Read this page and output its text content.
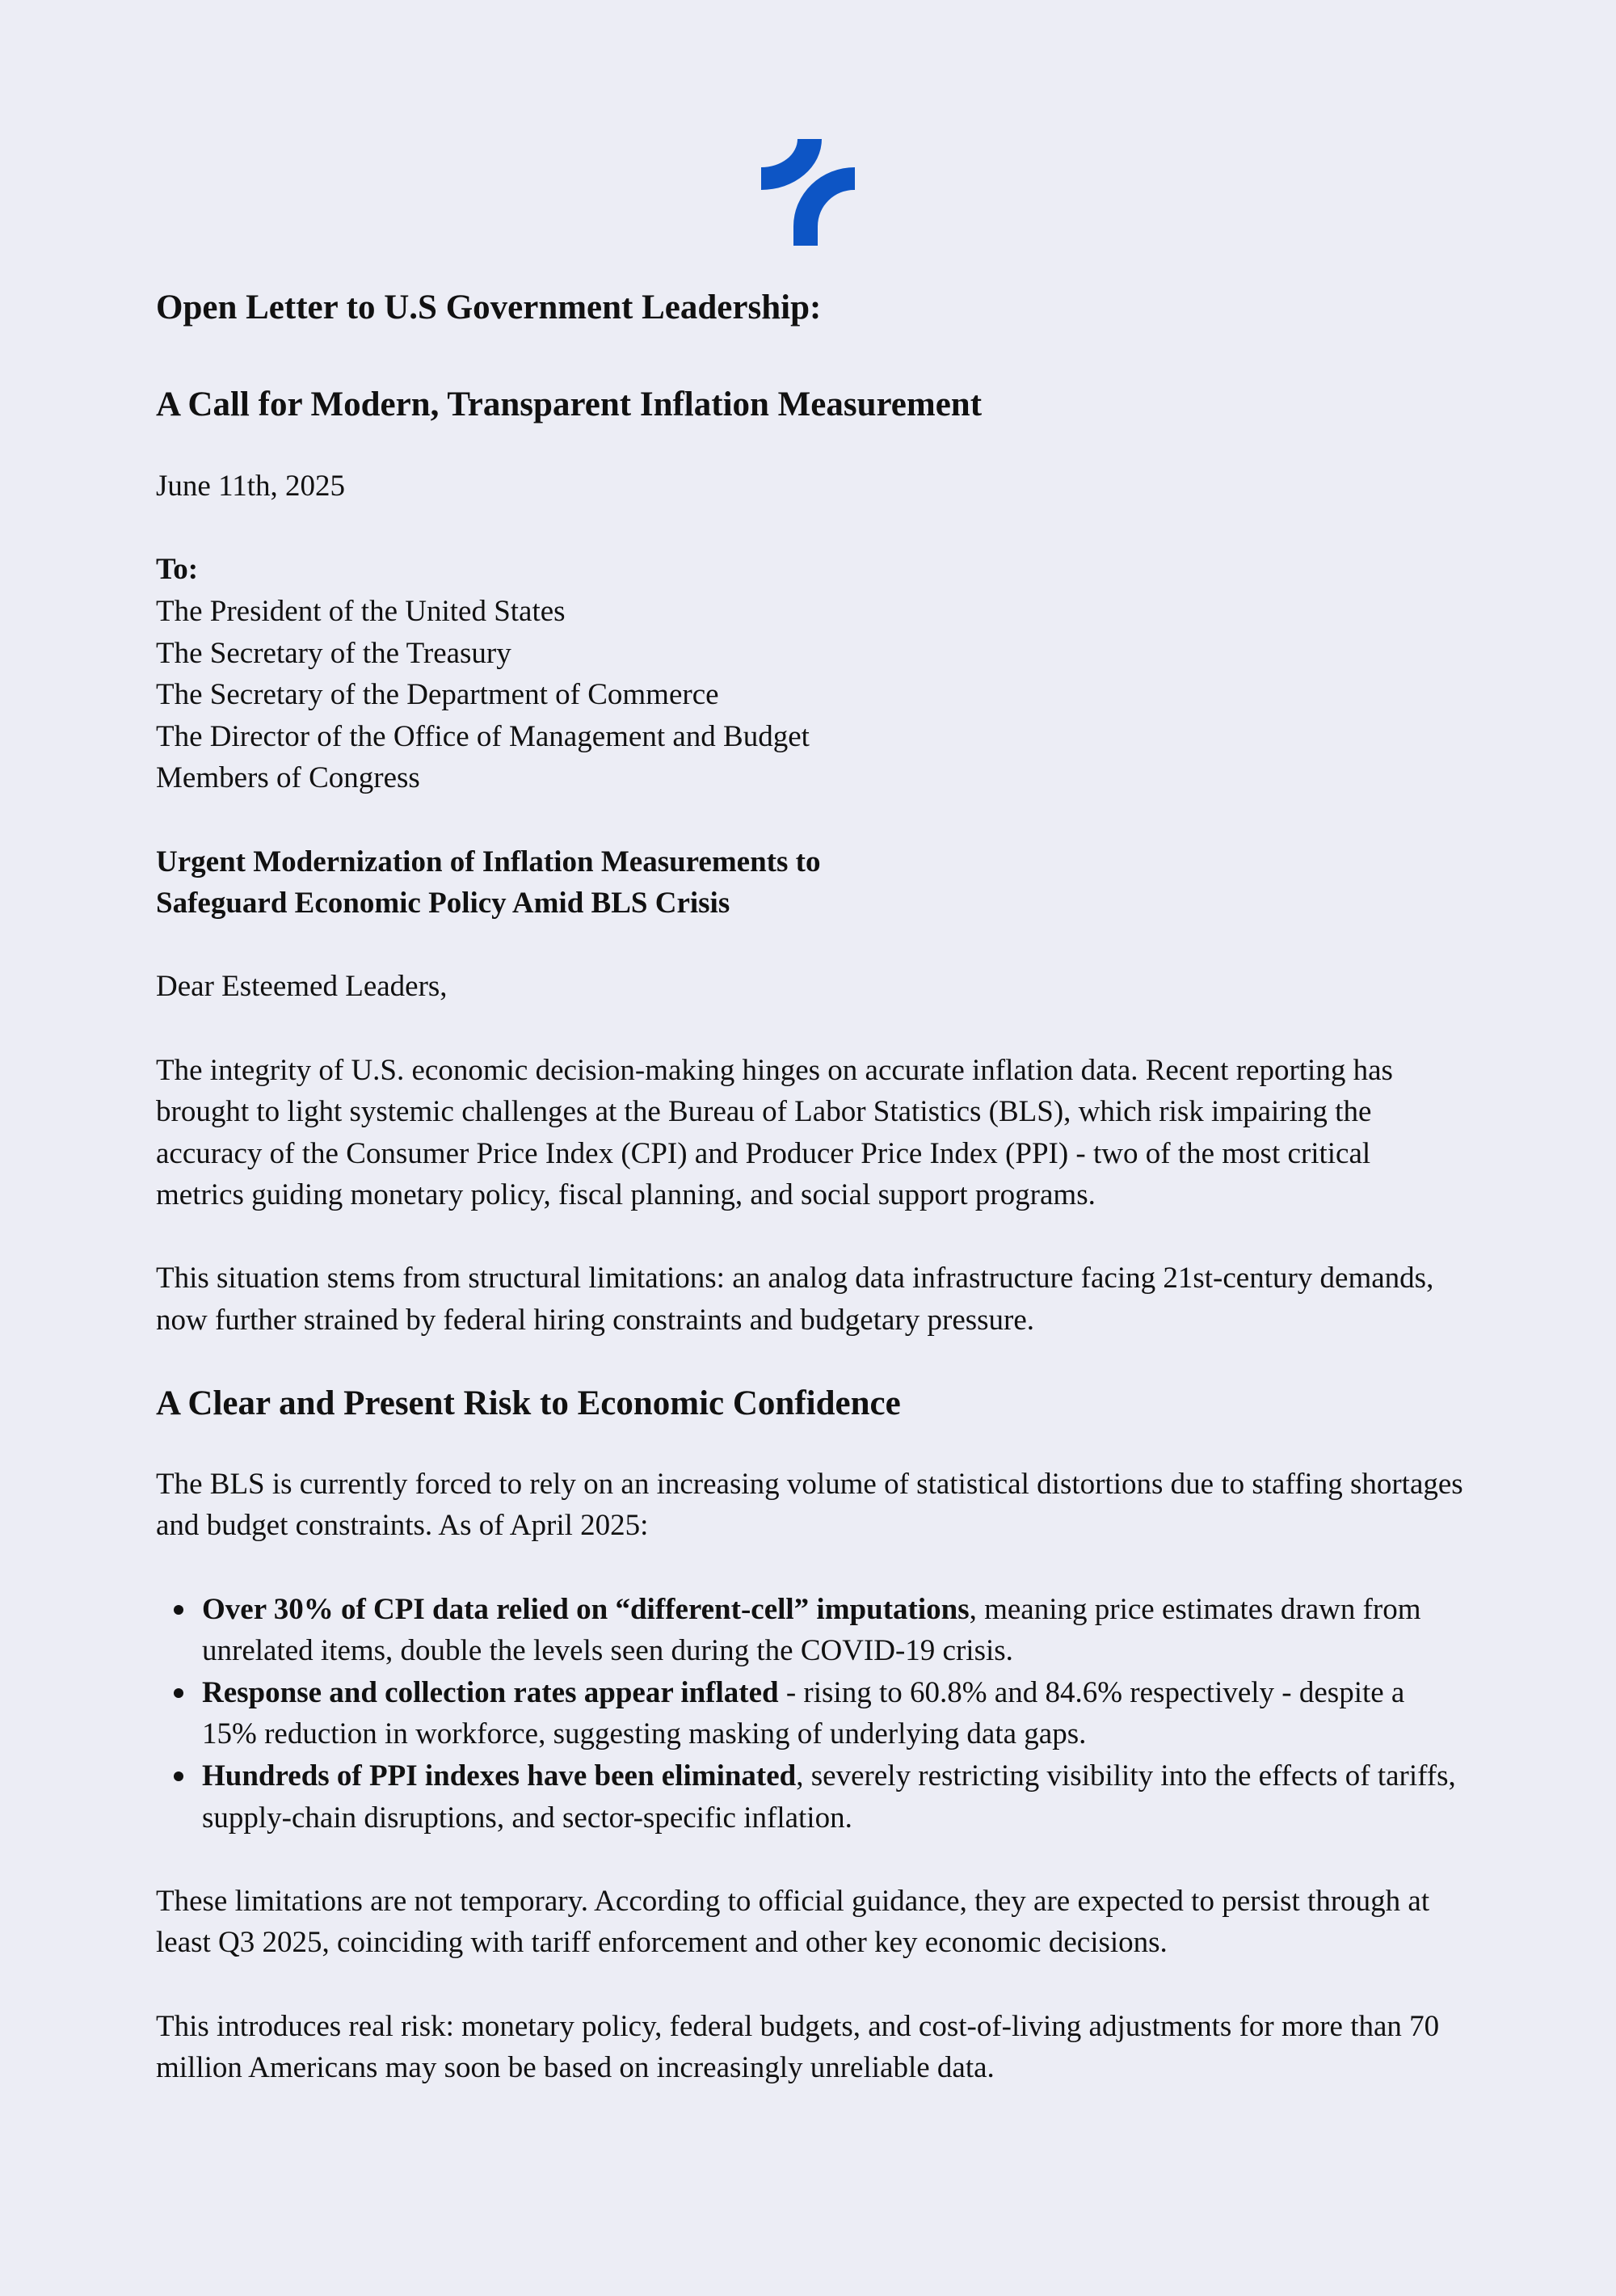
Open Letter to U.S Government Leadership:
A Call for Modern, Transparent Inflation Measurement

June 11th, 2025

To:
The President of the United States
The Secretary of the Treasury
The Secretary of the Department of Commerce
The Director of the Office of Management and Budget
Members of Congress

Urgent Modernization of Inflation Measurements to
Safeguard Economic Policy Amid BLS Crisis

Dear Esteemed Leaders,

The integrity of U.S. economic decision-making hinges on accurate inflation data. Recent reporting has brought to light systemic challenges at the Bureau of Labor Statistics (BLS), which risk impairing the accuracy of the Consumer Price Index (CPI) and Producer Price Index (PPI) - two of the most critical metrics guiding monetary policy, fiscal planning, and social support programs.

This situation stems from structural limitations: an analog data infrastructure facing 21st-century demands, now further strained by federal hiring constraints and budgetary pressure.

A Clear and Present Risk to Economic Confidence

The BLS is currently forced to rely on an increasing volume of statistical distortions due to staffing shortages and budget constraints. As of April 2025:

Over 30% of CPI data relied on “different-cell” imputations, meaning price estimates drawn from unrelated items, double the levels seen during the COVID-19 crisis.
Response and collection rates appear inflated - rising to 60.8% and 84.6% respectively - despite a 15% reduction in workforce, suggesting masking of underlying data gaps.
Hundreds of PPI indexes have been eliminated, severely restricting visibility into the effects of tariffs, supply-chain disruptions, and sector-specific inflation.

These limitations are not temporary. According to official guidance, they are expected to persist through at least Q3 2025, coinciding with tariff enforcement and other key economic decisions.

This introduces real risk: monetary policy, federal budgets, and cost-of-living adjustments for more than 70 million Americans may soon be based on increasingly unreliable data.
